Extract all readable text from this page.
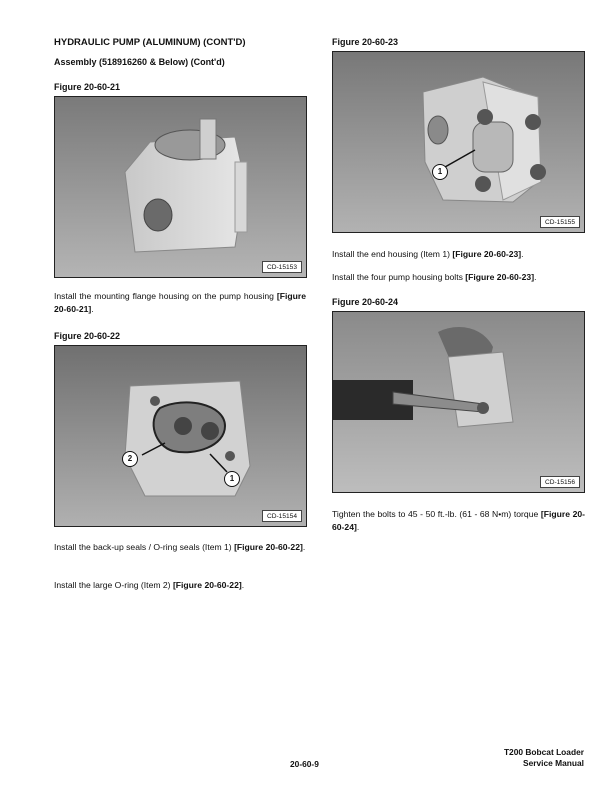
HYDRAULIC PUMP (ALUMINUM) (CONT'D)
Assembly (518916260 & Below) (Cont'd)
Figure 20-60-21
CD-15153

Install the mounting flange housing on the pump housing [Figure 20-60-21].

Figure 20-60-22
2
1
CD-15154

Install the back-up seals / O-ring seals (Item 1) [Figure 20-60-22].

Install the large O-ring (Item 2) [Figure 20-60-22].

Figure 20-60-23
1
CD-15155

Install the end housing (Item 1) [Figure 20-60-23].

Install the four pump housing bolts [Figure 20-60-23].

Figure 20-60-24
CD-15156

Tighten the bolts to 45 - 50 ft.-lb. (61 - 68 N•m) torque [Figure 20-60-24].

20-60-9
T200 Bobcat Loader
Service Manual
